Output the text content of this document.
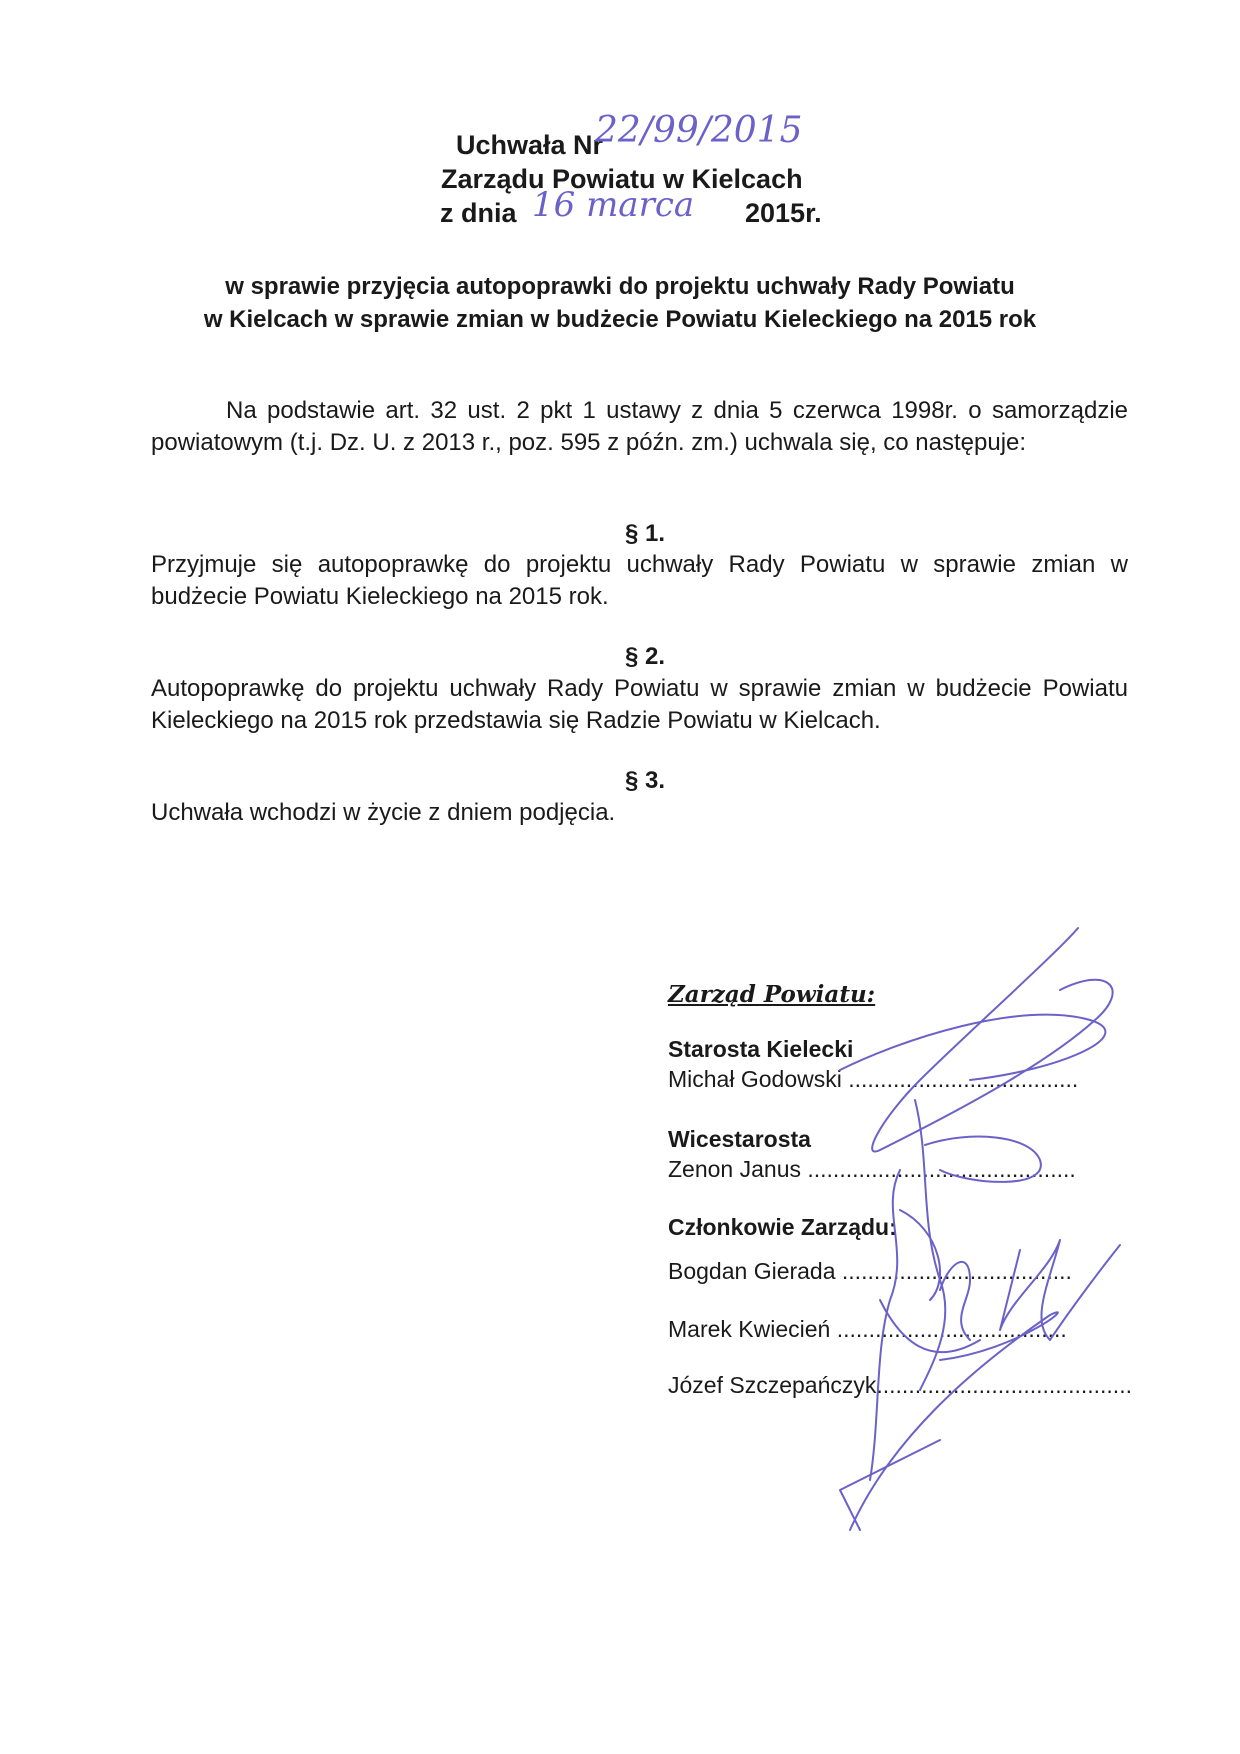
Uchwała Nr
22/99/2015
Zarządu Powiatu w Kielcach
z dnia 16 marca 2015r.
w sprawie przyjęcia autopoprawki do projektu uchwały Rady Powiatu
w Kielcach w sprawie zmian w budżecie Powiatu Kieleckiego na 2015 rok

Na podstawie art. 32 ust. 2 pkt 1 ustawy z dnia 5 czerwca 1998r. o samorządzie powiatowym (t.j. Dz. U. z 2013 r., poz. 595 z późn. zm.) uchwala się, co następuje:

§ 1.

Przyjmuje się autopoprawkę do projektu uchwały Rady Powiatu w sprawie zmian w budżecie Powiatu Kieleckiego na 2015 rok.

§ 2.

Autopoprawkę do projektu uchwały Rady Powiatu w sprawie zmian w budżecie Powiatu Kieleckiego na 2015 rok przedstawia się Radzie Powiatu w Kielcach.

§ 3.

Uchwała wchodzi w życie z dniem podjęcia.

Zarząd Powiatu:
Starosta Kielecki
Michał Godowski ....................................
Wicestarosta
Zenon Janus ..........................................
Członkowie Zarządu:
Bogdan Gierada ....................................
Marek Kwiecień ....................................
Józef Szczepańczyk........................................
